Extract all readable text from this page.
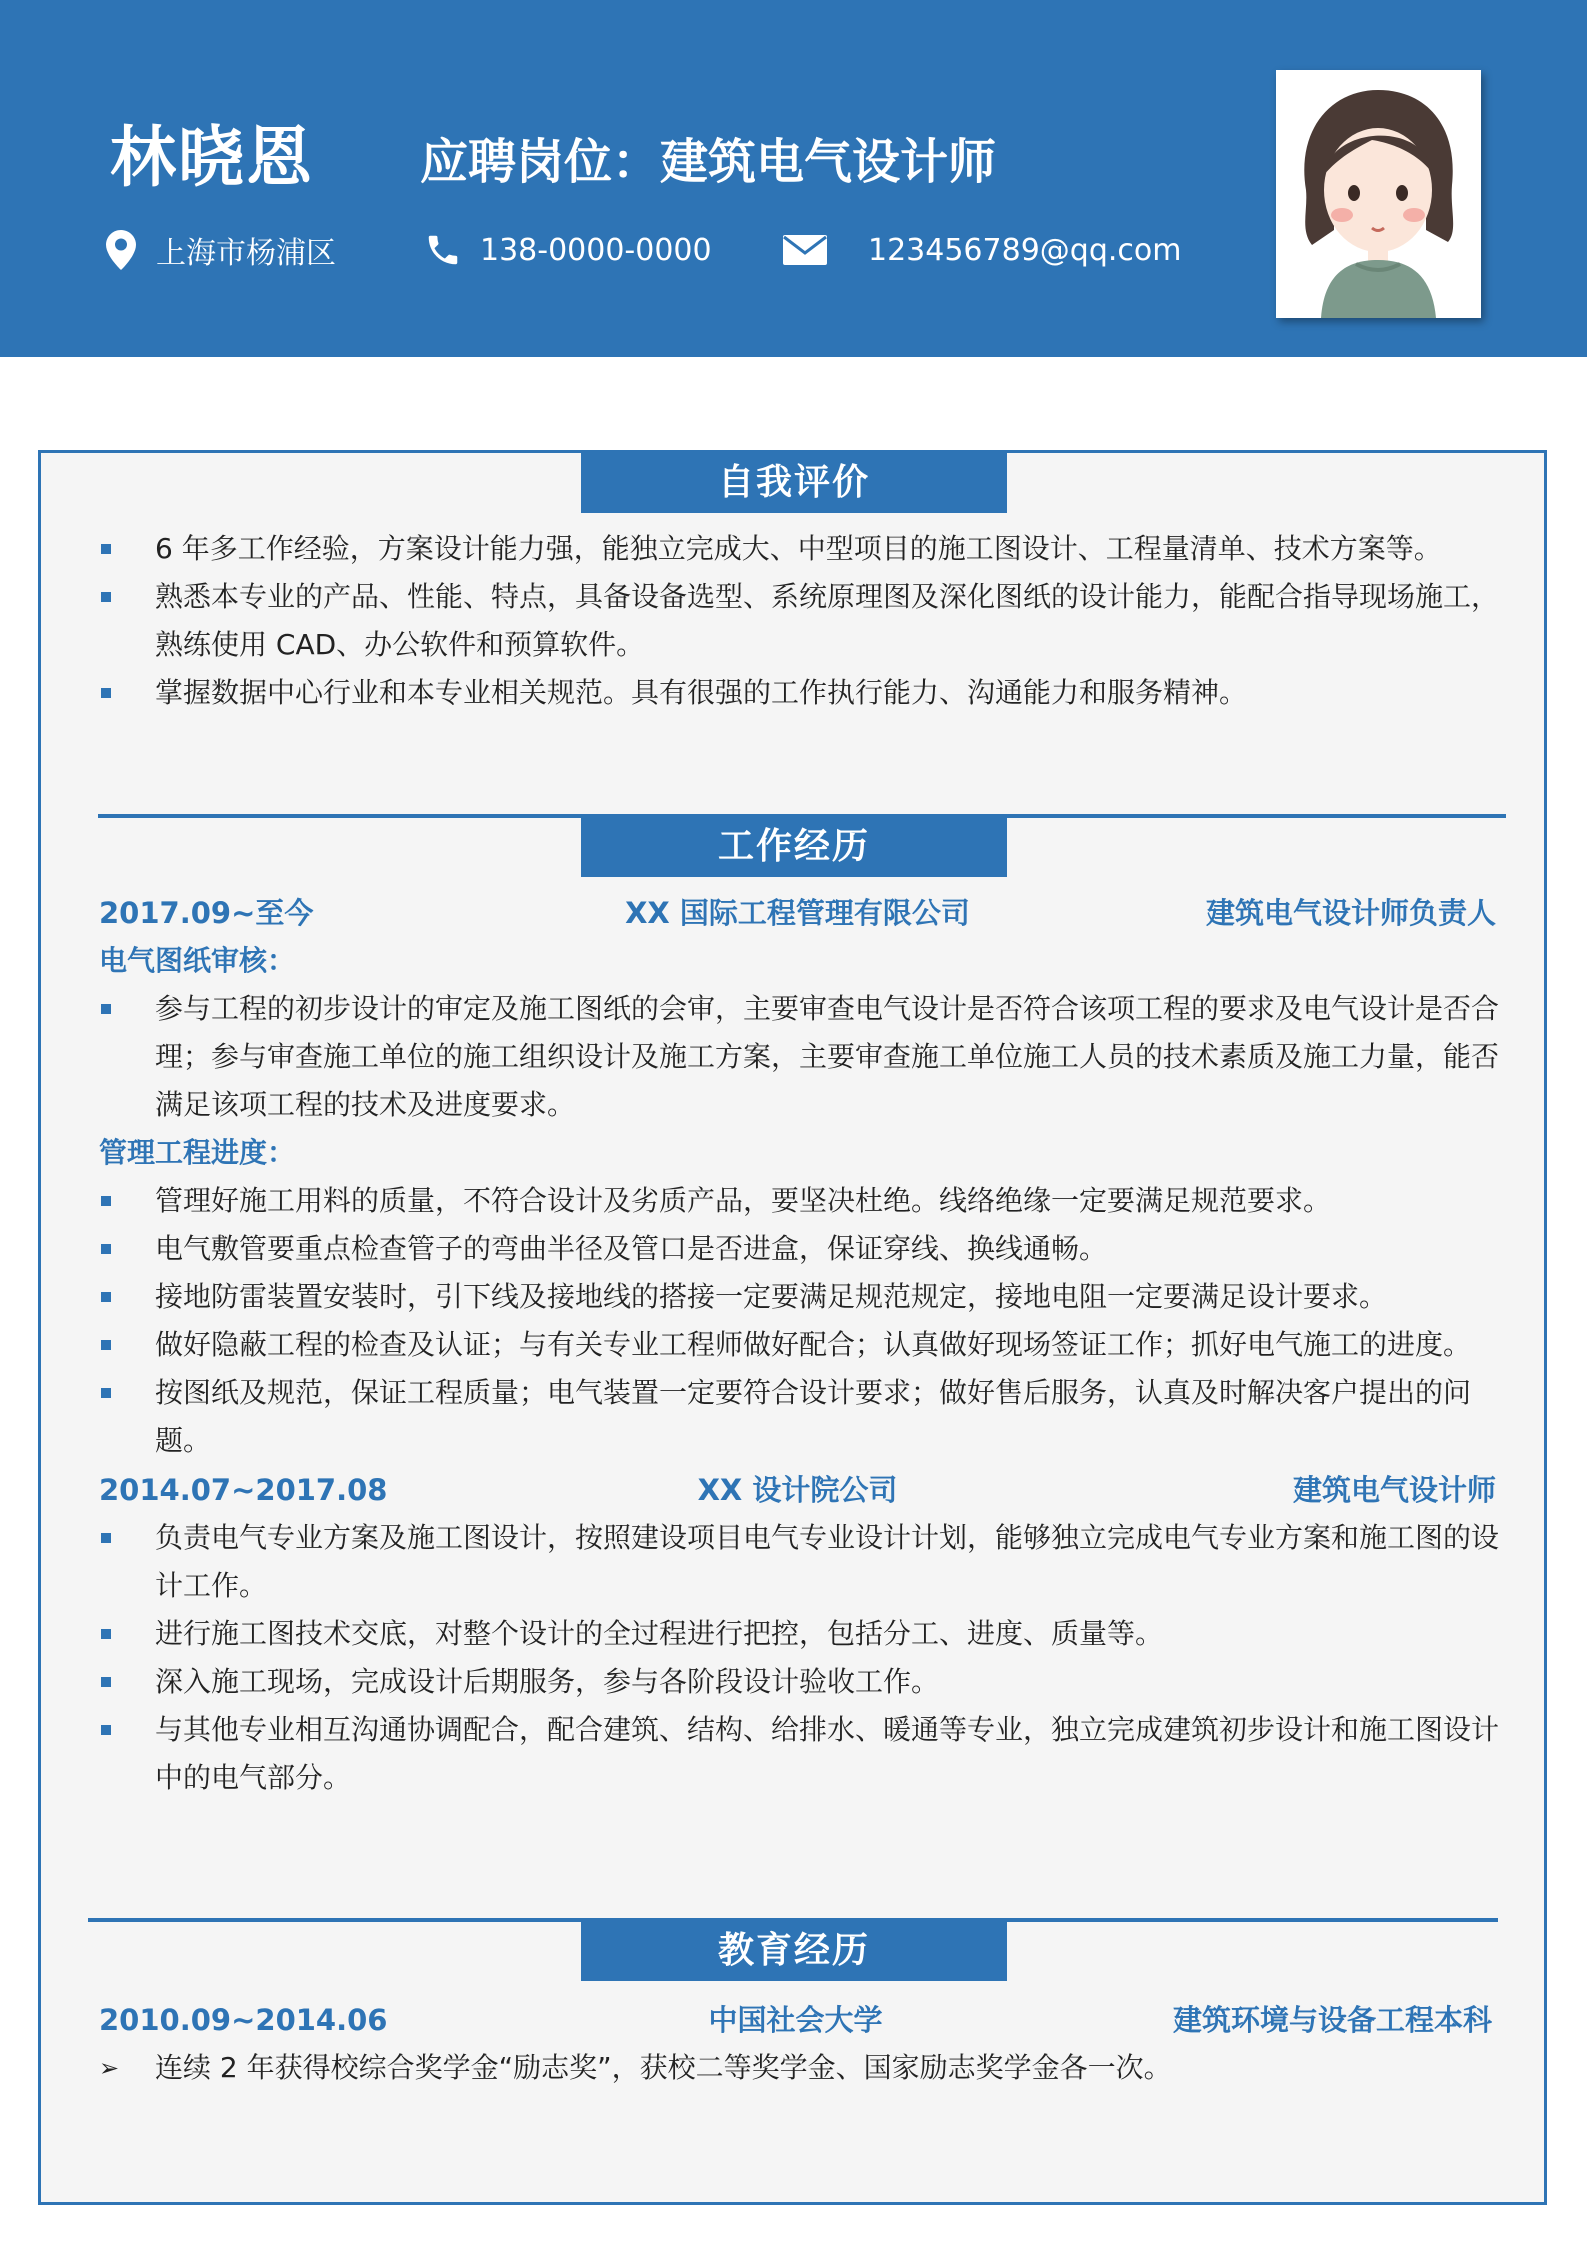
林晓恩 应聘岗位：建筑电气设计师
上海市杨浦区	138-0000-0000	123456789@qq.com
自我评价
6 年多工作经验，方案设计能力强，能独立完成大、中型项目的施工图设计、工程量清单、技术方案等。
熟悉本专业的产品、性能、特点，具备设备选型、系统原理图及深化图纸的设计能力，能配合指导现场施工，熟练使用 CAD、办公软件和预算软件。
掌握数据中心行业和本专业相关规范。具有很强的工作执行能力、沟通能力和服务精神。
工作经历
2017.09~至今	XX 国际工程管理有限公司	建筑电气设计师负责人
电气图纸审核：
参与工程的初步设计的审定及施工图纸的会审，主要审查电气设计是否符合该项工程的要求及电气设计是否合理；参与审查施工单位的施工组织设计及施工方案，主要审查施工单位施工人员的技术素质及施工力量，能否满足该项工程的技术及进度要求。
管理工程进度：
管理好施工用料的质量，不符合设计及劣质产品，要坚决杜绝。线络绝缘一定要满足规范要求。
电气敷管要重点检查管子的弯曲半径及管口是否进盒，保证穿线、换线通畅。
接地防雷装置安装时，引下线及接地线的搭接一定要满足规范规定，接地电阻一定要满足设计要求。
做好隐蔽工程的检查及认证；与有关专业工程师做好配合；认真做好现场签证工作；抓好电气施工的进度。
按图纸及规范，保证工程质量；电气装置一定要符合设计要求；做好售后服务，认真及时解决客户提出的问题。
2014.07~2017.08	XX 设计院公司	建筑电气设计师
负责电气专业方案及施工图设计，按照建设项目电气专业设计计划，能够独立完成电气专业方案和施工图的设计工作。
进行施工图技术交底，对整个设计的全过程进行把控，包括分工、进度、质量等。
深入施工现场，完成设计后期服务，参与各阶段设计验收工作。
与其他专业相互沟通协调配合，配合建筑、结构、给排水、暖通等专业，独立完成建筑初步设计和施工图设计中的电气部分。
教育经历
2010.09~2014.06	中国社会大学	建筑环境与设备工程本科
➢ 连续 2 年获得校综合奖学金“励志奖”，获校二等奖学金、国家励志奖学金各一次。
